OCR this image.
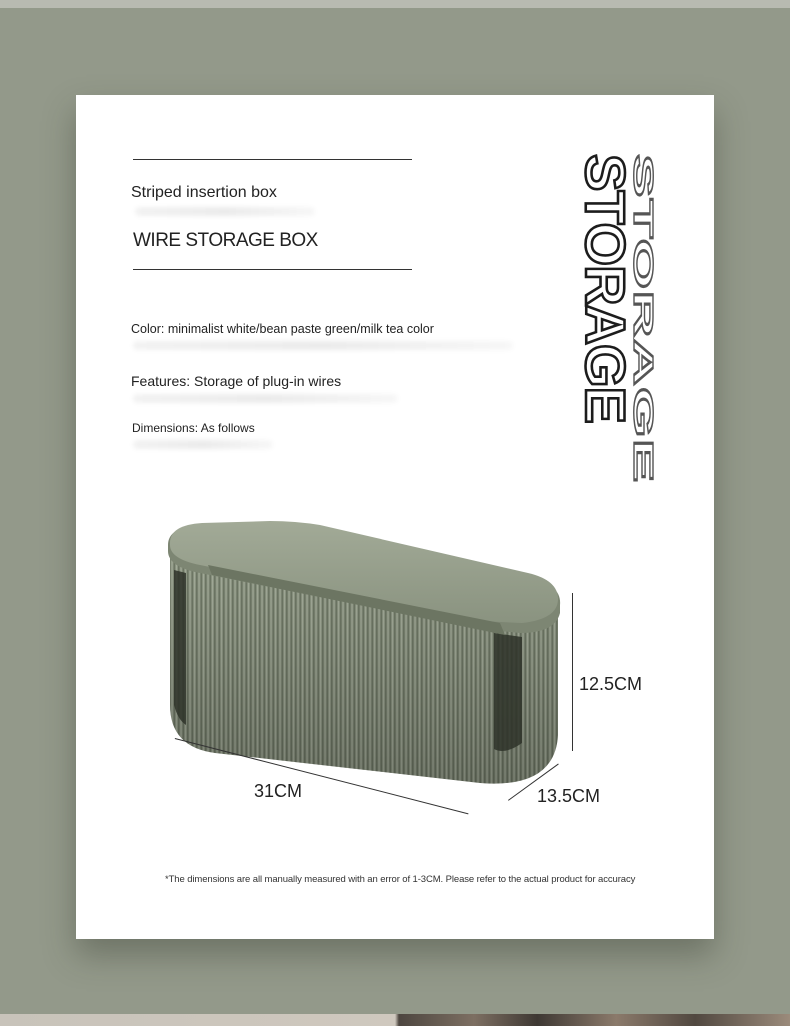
Striped insertion box
WIRE STORAGE BOX
Color: minimalist white/bean paste green/milk tea color
Features: Storage of plug-in wires
Dimensions: As follows
STORAGE
STORAGE
12.5CM
31CM	13.5CM
*The dimensions are all manually measured with an error of 1-3CM. Please refer to the actual product for accuracy
